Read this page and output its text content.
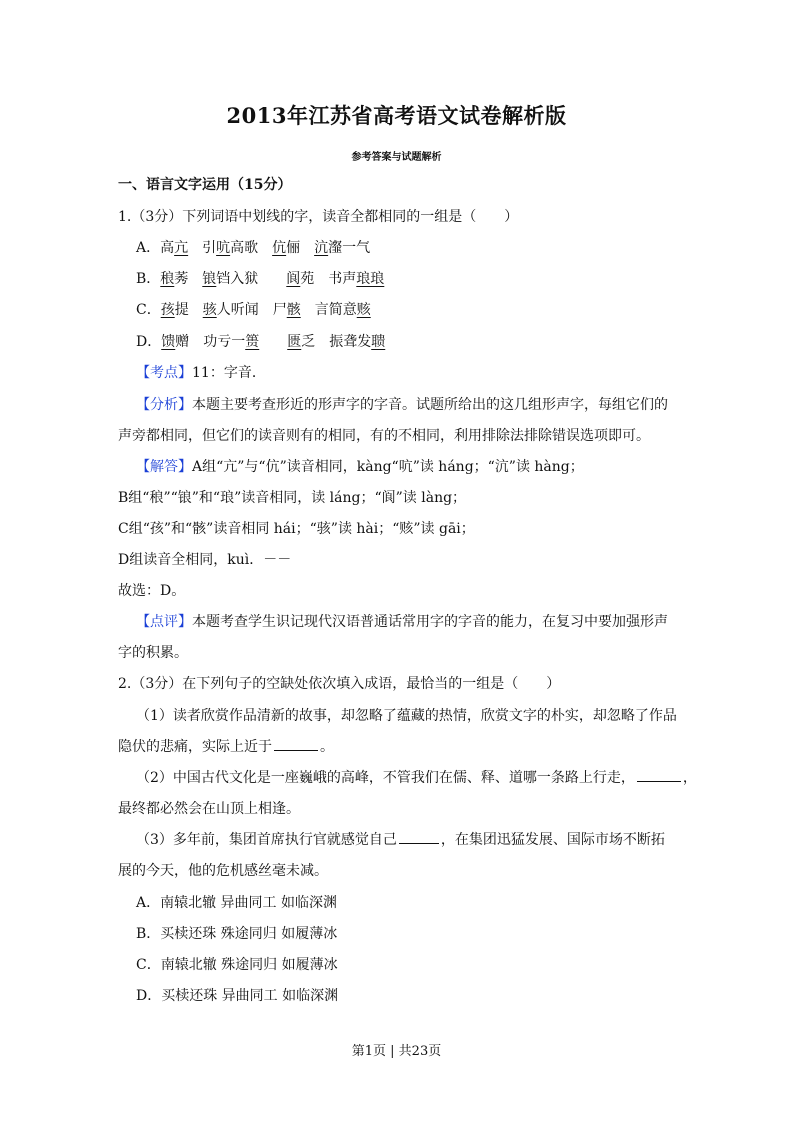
2013年江苏省高考语文试卷解析版
参考答案与试题解析
一、语言文字运用（15分）
1.（3分）下列词语中划线的字，读音全都相同的一组是（　　）
A．高亢　引吭高歌　伉俪　沆瀣一气
B．稂莠　锒铛入狱　　阆苑　书声琅琅
C．孩提　骇人听闻　尸骸　言简意赅
D．馈赠　功亏一篑　　 匮乏　振聋发聩
【考点】11：字音．
【分析】本题主要考查形近的形声字的字音。试题所给出的这几组形声字，每组它们的
声旁都相同，但它们的读音则有的相同，有的不相同，利用排除法排除错误选项即可。
【解答】A组“亢”与“伉”读音相同，kàng“吭”读 háng；“沆”读 hàng；
B组“稂”“锒”和“琅”读音相同，读 láng；“阆”读 làng；
C组“孩”和“骸”读音相同 hái；“骇”读 hài；“赅”读 gāi；
D组读音全相同，kuì．－－
故选：D。
【点评】本题考查学生识记现代汉语普通话常用字的字音的能力，在复习中要加强形声
字的积累。
2.（3分）在下列句子的空缺处依次填入成语，最恰当的一组是（　　）
（1）读者欣赏作品清新的故事，却忽略了蕴藏的热情，欣赏文字的朴实，却忽略了作品
隐伏的悲痛，实际上近于	。
（2）中国古代文化是一座巍峨的高峰，不管我们在儒、释、道哪一条路上行走，	，
最终都必然会在山顶上相逢。
（3）多年前，集团首席执行官就感觉自己	，在集团迅猛发展、国际市场不断拓
展的今天，他的危机感丝毫未减。
A．南辕北辙 异曲同工 如临深渊
B．买椟还珠 殊途同归 如履薄冰
C．南辕北辙 殊途同归 如履薄冰
D．买椟还珠 异曲同工 如临深渊
第1页 | 共23页
